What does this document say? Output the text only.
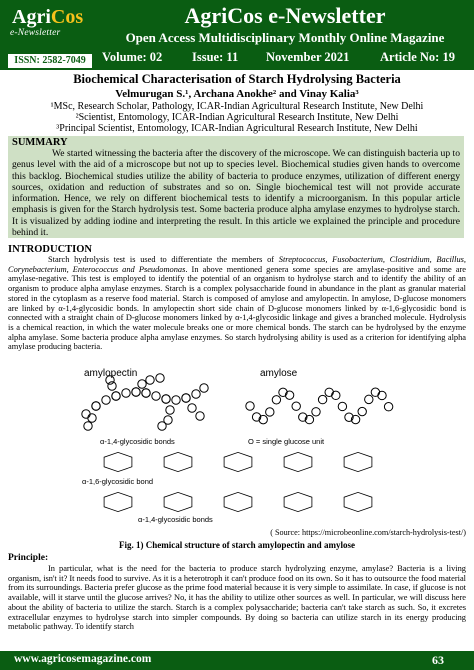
AgriCos
e-Newsletter
ISSN: 2582-7049
AgriCos e-Newsletter
Open Access Multidisciplinary Monthly Online Magazine
Volume: 02 Issue: 11 November 2021 Article No: 19
Biochemical Characterisation of Starch Hydrolysing Bacteria
Velmurugan S.¹, Archana Anokhe² and Vinay Kalia³
¹MSc, Research Scholar, Pathology, ICAR-Indian Agricultural Research Institute, New Delhi
²Scientist, Entomology, ICAR-Indian Agricultural Research Institute, New Delhi
³Principal Scientist, Entomology, ICAR-Indian Agricultural Research Institute, New Delhi
SUMMARY
We started witnessing the bacteria after the discovery of the microscope. We can distinguish bacteria up to genus level with the aid of a microscope but not up to species level. Biochemical studies given hands to overcome this backlog. Biochemical studies utilize the ability of bacteria to produce enzymes, utilization of different energy sources, oxidation and reduction of substrates and so on. Single biochemical test will not provide accurate information. Hence, we rely on different biochemical tests to identify a microorganism. In this popular article emphasis is given for the Starch hydrolysis test. Some bacteria produce alpha amylase enzymes to hydrolyse starch. It is visualized by adding iodine and interpreting the result. In this article we explained the principle and procedure behind it.
INTRODUCTION
Starch hydrolysis test is used to differentiate the members of Streptococcus, Fusobacterium, Clostridium, Bacillus, Corynebacterium, Enterococcus and Pseudomonas. In above mentioned genera some species are amylase-positive and some are amylase-negative. This test is employed to identify the potential of an organism to hydrolyse starch and to identify the ability of an organism to produce alpha amylase enzymes. Starch is a complex polysaccharide found in abundance in the plant as granular material stored in the cytoplasm as a reserve food material. Starch is composed of amylose and amylopectin. In amylose, D-glucose monomers are linked by α-1,4-glycosidic bonds. In amylopectin short side chain of D-glucose monomers linked by α-1,6-glycosidic bond is connected with a straight chain of D-glucose monomers linked by α-1,4-glycosidic linkage and gives a branched molecule. Hydrolysis is a chemical reaction, in which the water molecule breaks one or more chemical bonds. The starch can be hydrolysed by the enzyme alpha amylase. Some bacteria produce alpha amylase enzymes. So starch hydrolysing ability is used as a criterion for identifying alpha amylase producing bacteria.
amylopectin	amylose
α-1,4-glycosidic bonds	O = single glucose unit
α-1,6-glycosidic bond
α-1,4-glycosidic bonds
( Source: https://microbeonline.com/starch-hydrolysis-test/)
Fig. 1) Chemical structure of starch amylopectin and amylose
Principle:
In particular, what is the need for the bacteria to produce starch hydrolyzing enzyme, amylase? Bacteria is a living organism, isn't it? It needs food to survive. As it is a heterotroph it can't produce food on its own. So it has to outsource the food material from its surroundings. Bacteria prefer glucose as the prime food material because it is very simple to assimilate. In case, if glucose is not available, will it starve until the glucose arrives? No, it has the ability to utilize other sources as well. In particular, we will discuss here about the ability of bacteria to utilize the starch. Starch is a complex polysaccharide; bacteria can't take starch as such. So, it excretes extracellular enzymes to hydrolyse starch into simpler compounds. By doing so bacteria can utilize starch in its energy producing metabolic pathway. To identify starch
www.agricosemagazine.com	63
